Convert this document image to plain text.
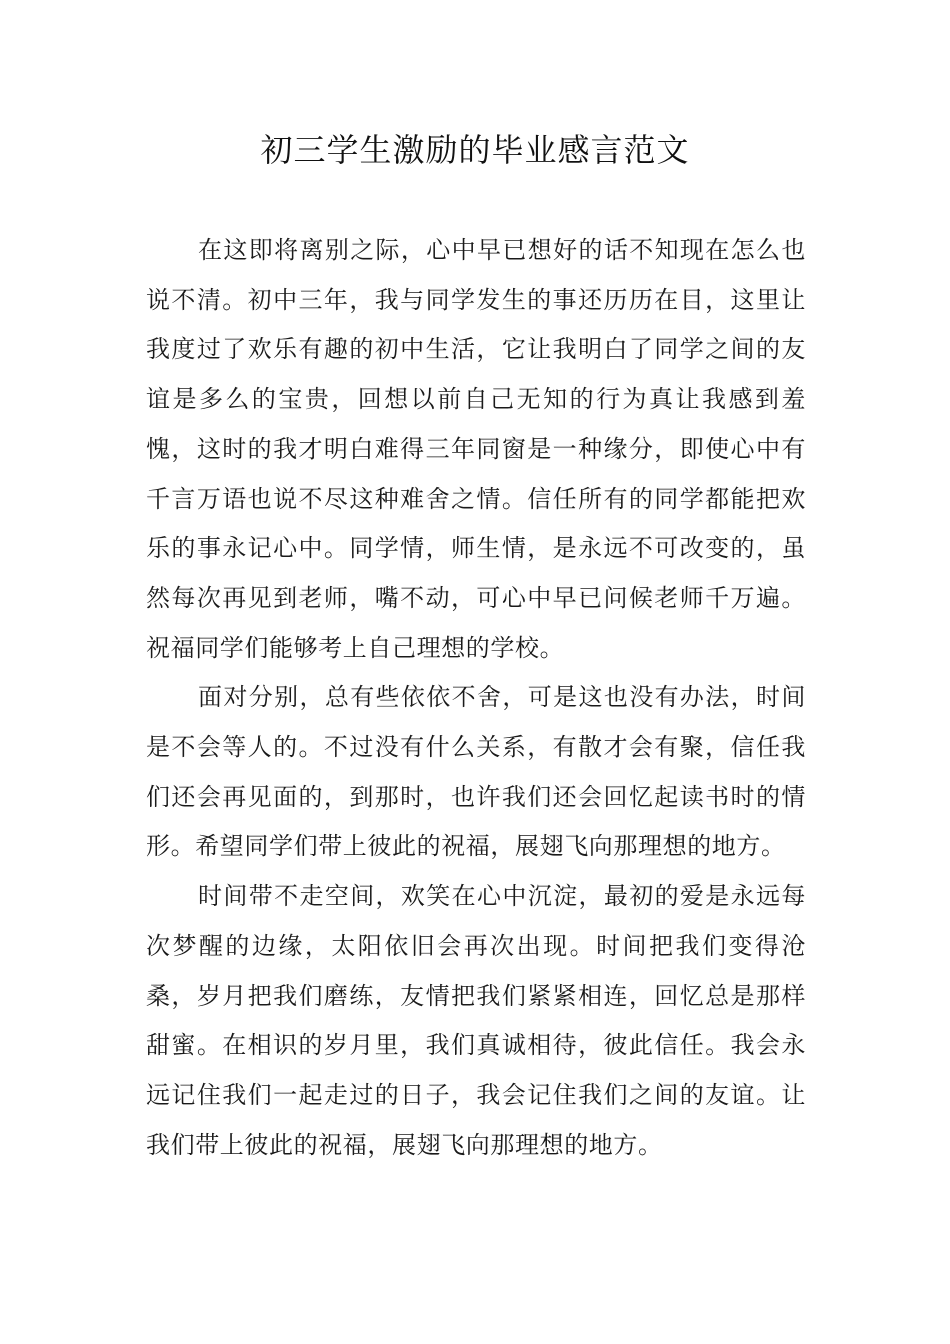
初三学生激励的毕业感言范文

在这即将离别之际，心中早已想好的话不知现在怎么也说不清。初中三年，我与同学发生的事还历历在目，这里让我度过了欢乐有趣的初中生活，它让我明白了同学之间的友谊是多么的宝贵，回想以前自己无知的行为真让我感到羞愧，这时的我才明白难得三年同窗是一种缘分，即使心中有千言万语也说不尽这种难舍之情。信任所有的同学都能把欢乐的事永记心中。同学情，师生情，是永远不可改变的，虽然每次再见到老师，嘴不动，可心中早已问候老师千万遍。祝福同学们能够考上自己理想的学校。

面对分别，总有些依依不舍，可是这也没有办法，时间是不会等人的。不过没有什么关系，有散才会有聚，信任我们还会再见面的，到那时，也许我们还会回忆起读书时的情形。希望同学们带上彼此的祝福，展翅飞向那理想的地方。

时间带不走空间，欢笑在心中沉淀，最初的爱是永远每次梦醒的边缘，太阳依旧会再次出现。时间把我们变得沧桑，岁月把我们磨练，友情把我们紧紧相连，回忆总是那样甜蜜。在相识的岁月里，我们真诚相待，彼此信任。我会永远记住我们一起走过的日子，我会记住我们之间的友谊。让我们带上彼此的祝福，展翅飞向那理想的地方。
